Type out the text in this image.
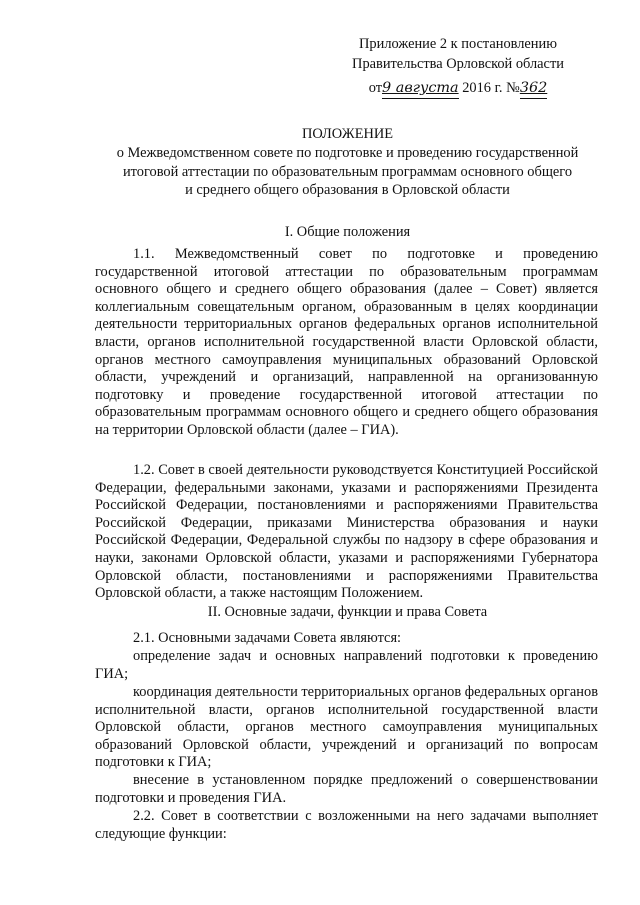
Приложение 2 к постановлению
Правительства Орловской области
от9 августа 2016 г. №362
ПОЛОЖЕНИЕ
о Межведомственном совете по подготовке и проведению государственной
итоговой аттестации по образовательным программам основного общего
и среднего общего образования в Орловской области
I. Общие положения
1.1. Межведомственный совет по подготовке и проведению государственной итоговой аттестации по образовательным программам основного общего и среднего общего образования (далее – Совет) является коллегиальным совещательным органом, образованным в целях координации деятельности территориальных органов федеральных органов исполнительной власти, органов исполнительной государственной власти Орловской области, органов местного самоуправления муниципальных образований Орловской области, учреждений и организаций, направленной на организованную подготовку и проведение государственной итоговой аттестации по образовательным программам основного общего и среднего общего образования на территории Орловской области (далее – ГИА).
1.2. Совет в своей деятельности руководствуется Конституцией Российской Федерации, федеральными законами, указами и распоряжениями Президента Российской Федерации, постановлениями и распоряжениями Правительства Российской Федерации, приказами Министерства образования и науки Российской Федерации, Федеральной службы по надзору в сфере образования и науки, законами Орловской области, указами и распоряжениями Губернатора Орловской области, постановлениями и распоряжениями Правительства Орловской области, а также настоящим Положением.
II. Основные задачи, функции и права Совета
2.1. Основными задачами Совета являются:
определение задач и основных направлений подготовки к проведению ГИА;
координация деятельности территориальных органов федеральных органов исполнительной власти, органов исполнительной государственной власти Орловской области, органов местного самоуправления муниципальных образований Орловской области, учреждений и организаций по вопросам подготовки к ГИА;
внесение в установленном порядке предложений о совершенствовании подготовки и проведения ГИА.
2.2. Совет в соответствии с возложенными на него задачами выполняет следующие функции:
